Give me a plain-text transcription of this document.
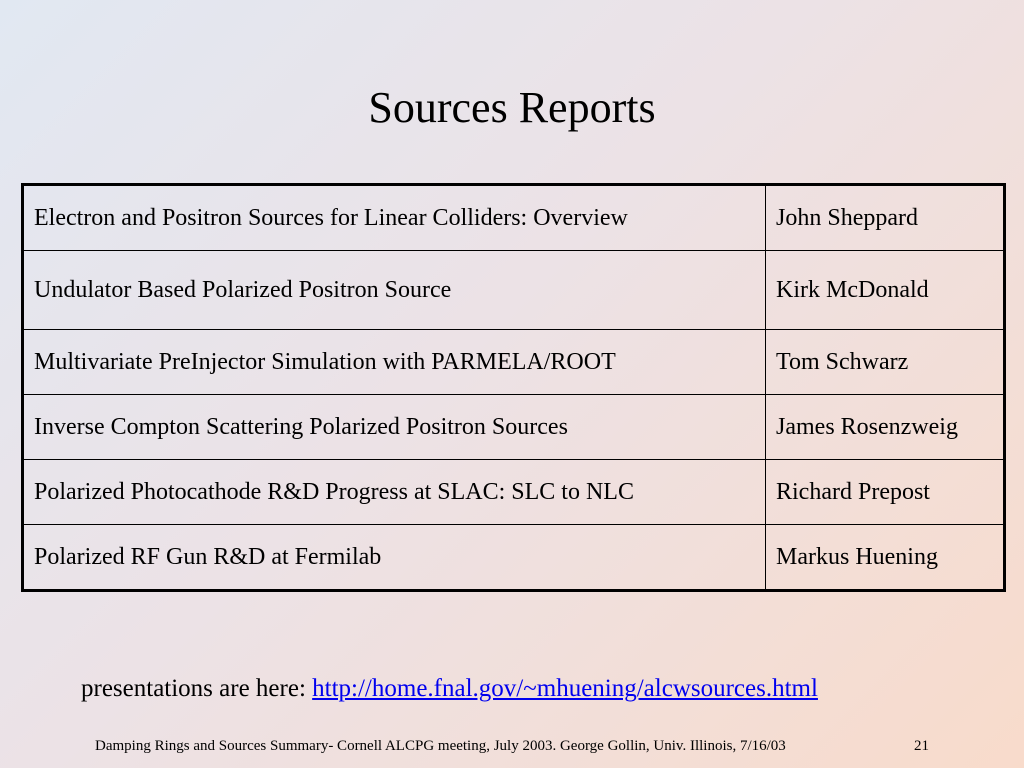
Sources Reports
Electron and Positron Sources for Linear Colliders: Overview	John Sheppard
Undulator Based Polarized Positron Source	Kirk McDonald
Multivariate PreInjector Simulation with PARMELA/ROOT	Tom Schwarz
Inverse Compton Scattering Polarized Positron Sources	James Rosenzweig
Polarized Photocathode R&D Progress at SLAC: SLC to NLC	Richard Prepost
Polarized RF Gun R&D at Fermilab	Markus Huening
presentations are here: http://home.fnal.gov/~mhuening/alcwsources.html
Damping Rings and Sources Summary- Cornell ALCPG meeting, July 2003. George Gollin, Univ. Illinois, 7/16/03	21
